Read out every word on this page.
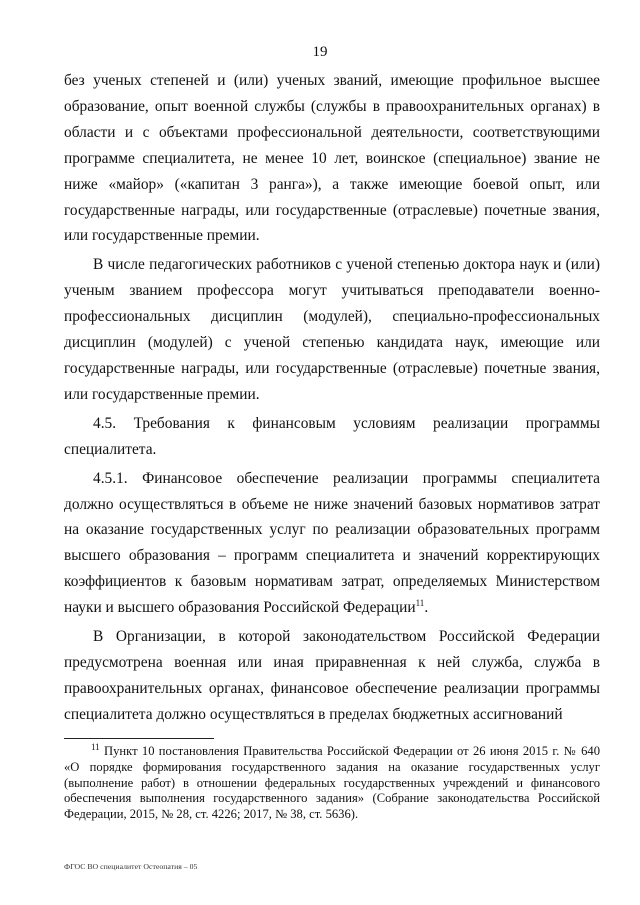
19

без ученых степеней и (или) ученых званий, имеющие профильное высшее образование, опыт военной службы (службы в правоохранительных органах) в области и с объектами профессиональной деятельности, соответствующими программе специалитета, не менее 10 лет, воинское (специальное) звание не ниже «майор» («капитан 3 ранга»), а также имеющие боевой опыт, или государственные награды, или государственные (отраслевые) почетные звания, или государственные премии.

В числе педагогических работников с ученой степенью доктора наук и (или) ученым званием профессора могут учитываться преподаватели военно-профессиональных дисциплин (модулей), специально-профессиональных дисциплин (модулей) с ученой степенью кандидата наук, имеющие или государственные награды, или государственные (отраслевые) почетные звания, или государственные премии.

4.5. Требования к финансовым условиям реализации программы специалитета.

4.5.1. Финансовое обеспечение реализации программы специалитета должно осуществляться в объеме не ниже значений базовых нормативов затрат на оказание государственных услуг по реализации образовательных программ высшего образования – программ специалитета и значений корректирующих коэффициентов к базовым нормативам затрат, определяемых Министерством науки и высшего образования Российской Федерации$^{11}$.

В Организации, в которой законодательством Российской Федерации предусмотрена военная или иная приравненная к ней служба, служба в правоохранительных органах, финансовое обеспечение реализации программы специалитета должно осуществляться в пределах бюджетных ассигнований

$^{11}$ Пункт 10 постановления Правительства Российской Федерации от 26 июня 2015 г. № 640 «О порядке формирования государственного задания на оказание государственных услуг (выполнение работ) в отношении федеральных государственных учреждений и финансового обеспечения выполнения государственного задания» (Собрание законодательства Российской Федерации, 2015, № 28, ст. 4226; 2017, № 38, ст. 5636).
ФГОС ВО специалитет Остеопатия – 05
